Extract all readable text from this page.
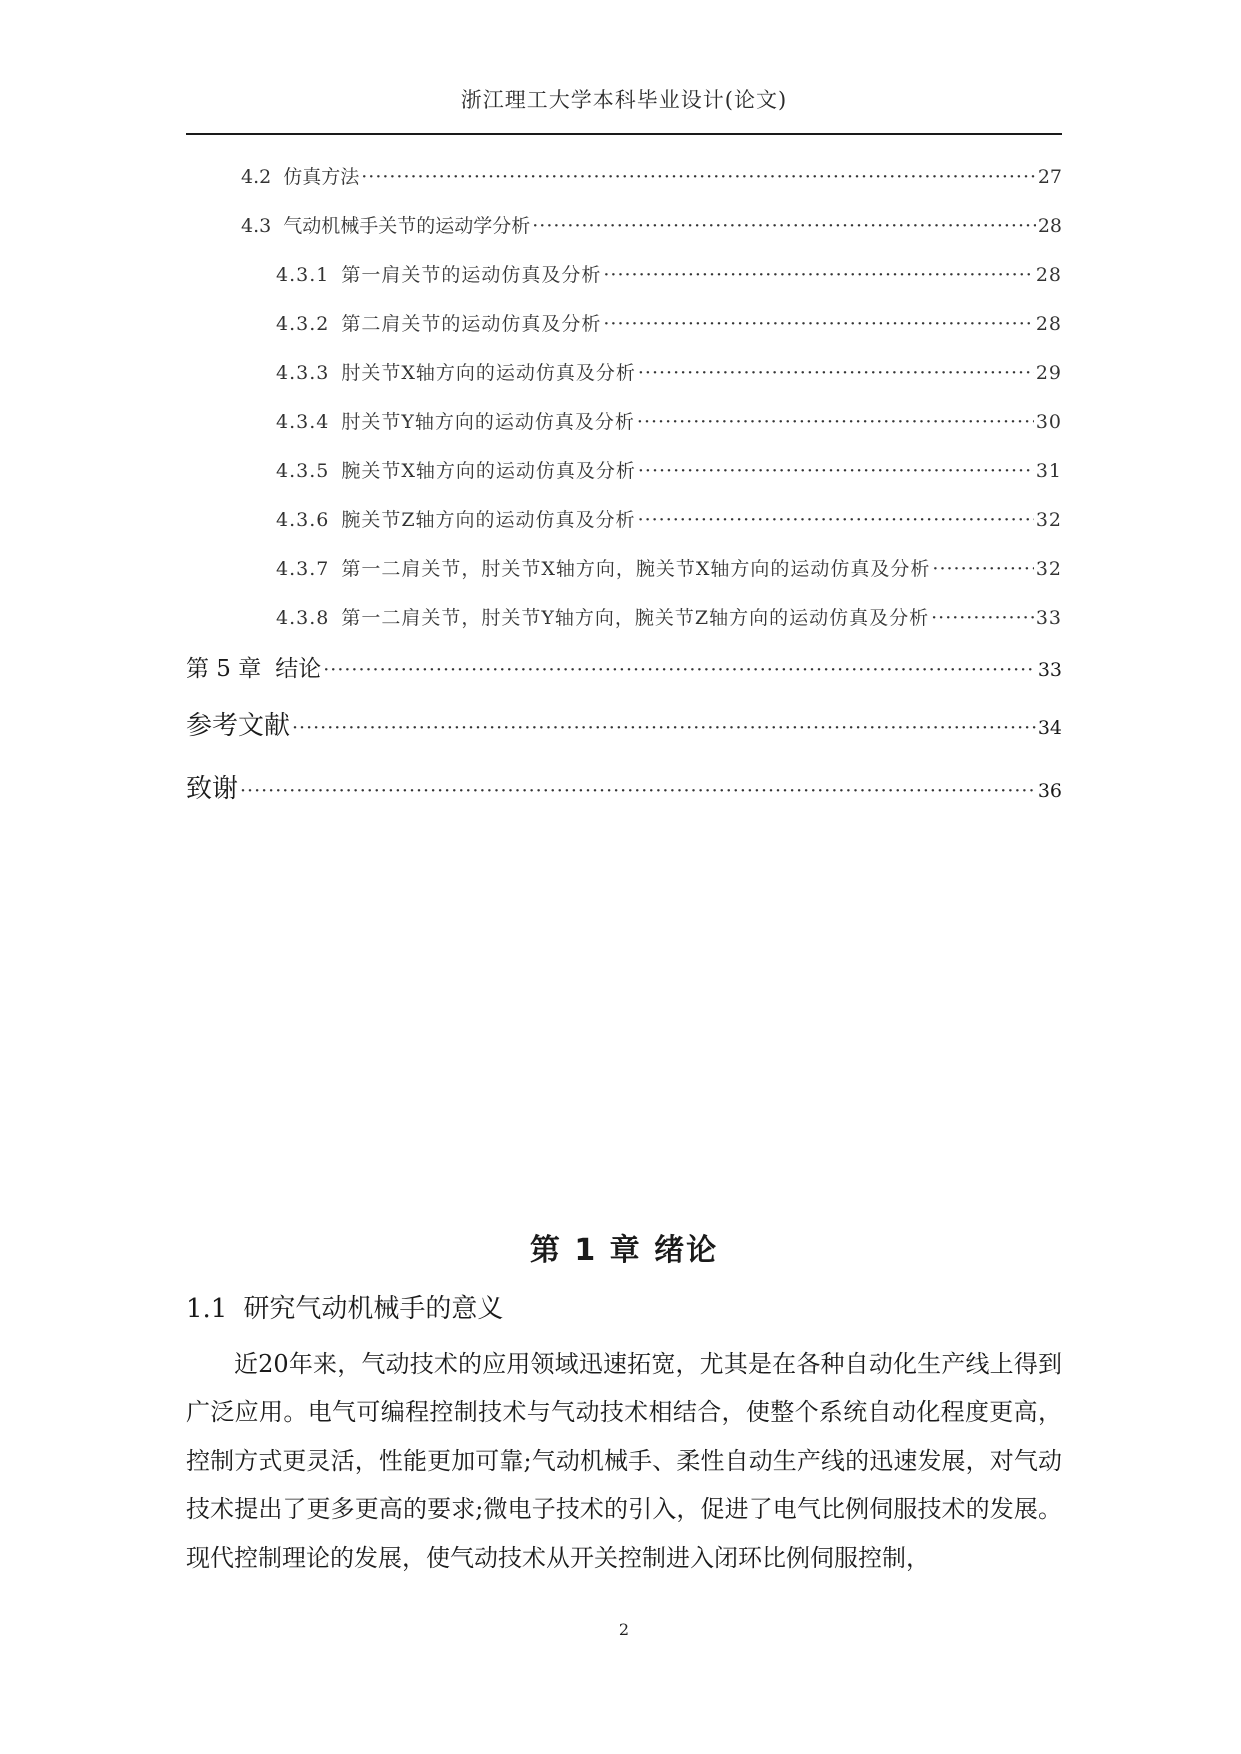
浙江理工大学本科毕业设计(论文)
4.2 仿真方法 ·····	27
4.3 气动机械手关节的运动学分析 ·····	28
4.3.1 第一肩关节的运动仿真及分析 ·····	28
4.3.2 第二肩关节的运动仿真及分析 ·····	28
4.3.3 肘关节X轴方向的运动仿真及分析 ·····	29
4.3.4 肘关节Y轴方向的运动仿真及分析 ·····	30
4.3.5 腕关节X轴方向的运动仿真及分析 ·····	31
4.3.6 腕关节Z轴方向的运动仿真及分析 ·····	32
4.3.7 第一二肩关节，肘关节X轴方向，腕关节X轴方向的运动仿真及分析 ·····	32
4.3.8 第一二肩关节，肘关节Y轴方向，腕关节Z轴方向的运动仿真及分析 ·····	33
第 5 章 结论 ·····	33
参考文献 ·····	34
致谢 ·····	36
第 1 章 绪论
1.1 研究气动机械手的意义
近20年来，气动技术的应用领域迅速拓宽，尤其是在各种自动化生产线上得到广泛应用。电气可编程控制技术与气动技术相结合，使整个系统自动化程度更高，控制方式更灵活，性能更加可靠;气动机械手、柔性自动生产线的迅速发展，对气动技术提出了更多更高的要求;微电子技术的引入，促进了电气比例伺服技术的发展。现代控制理论的发展，使气动技术从开关控制进入闭环比例伺服控制，
2
